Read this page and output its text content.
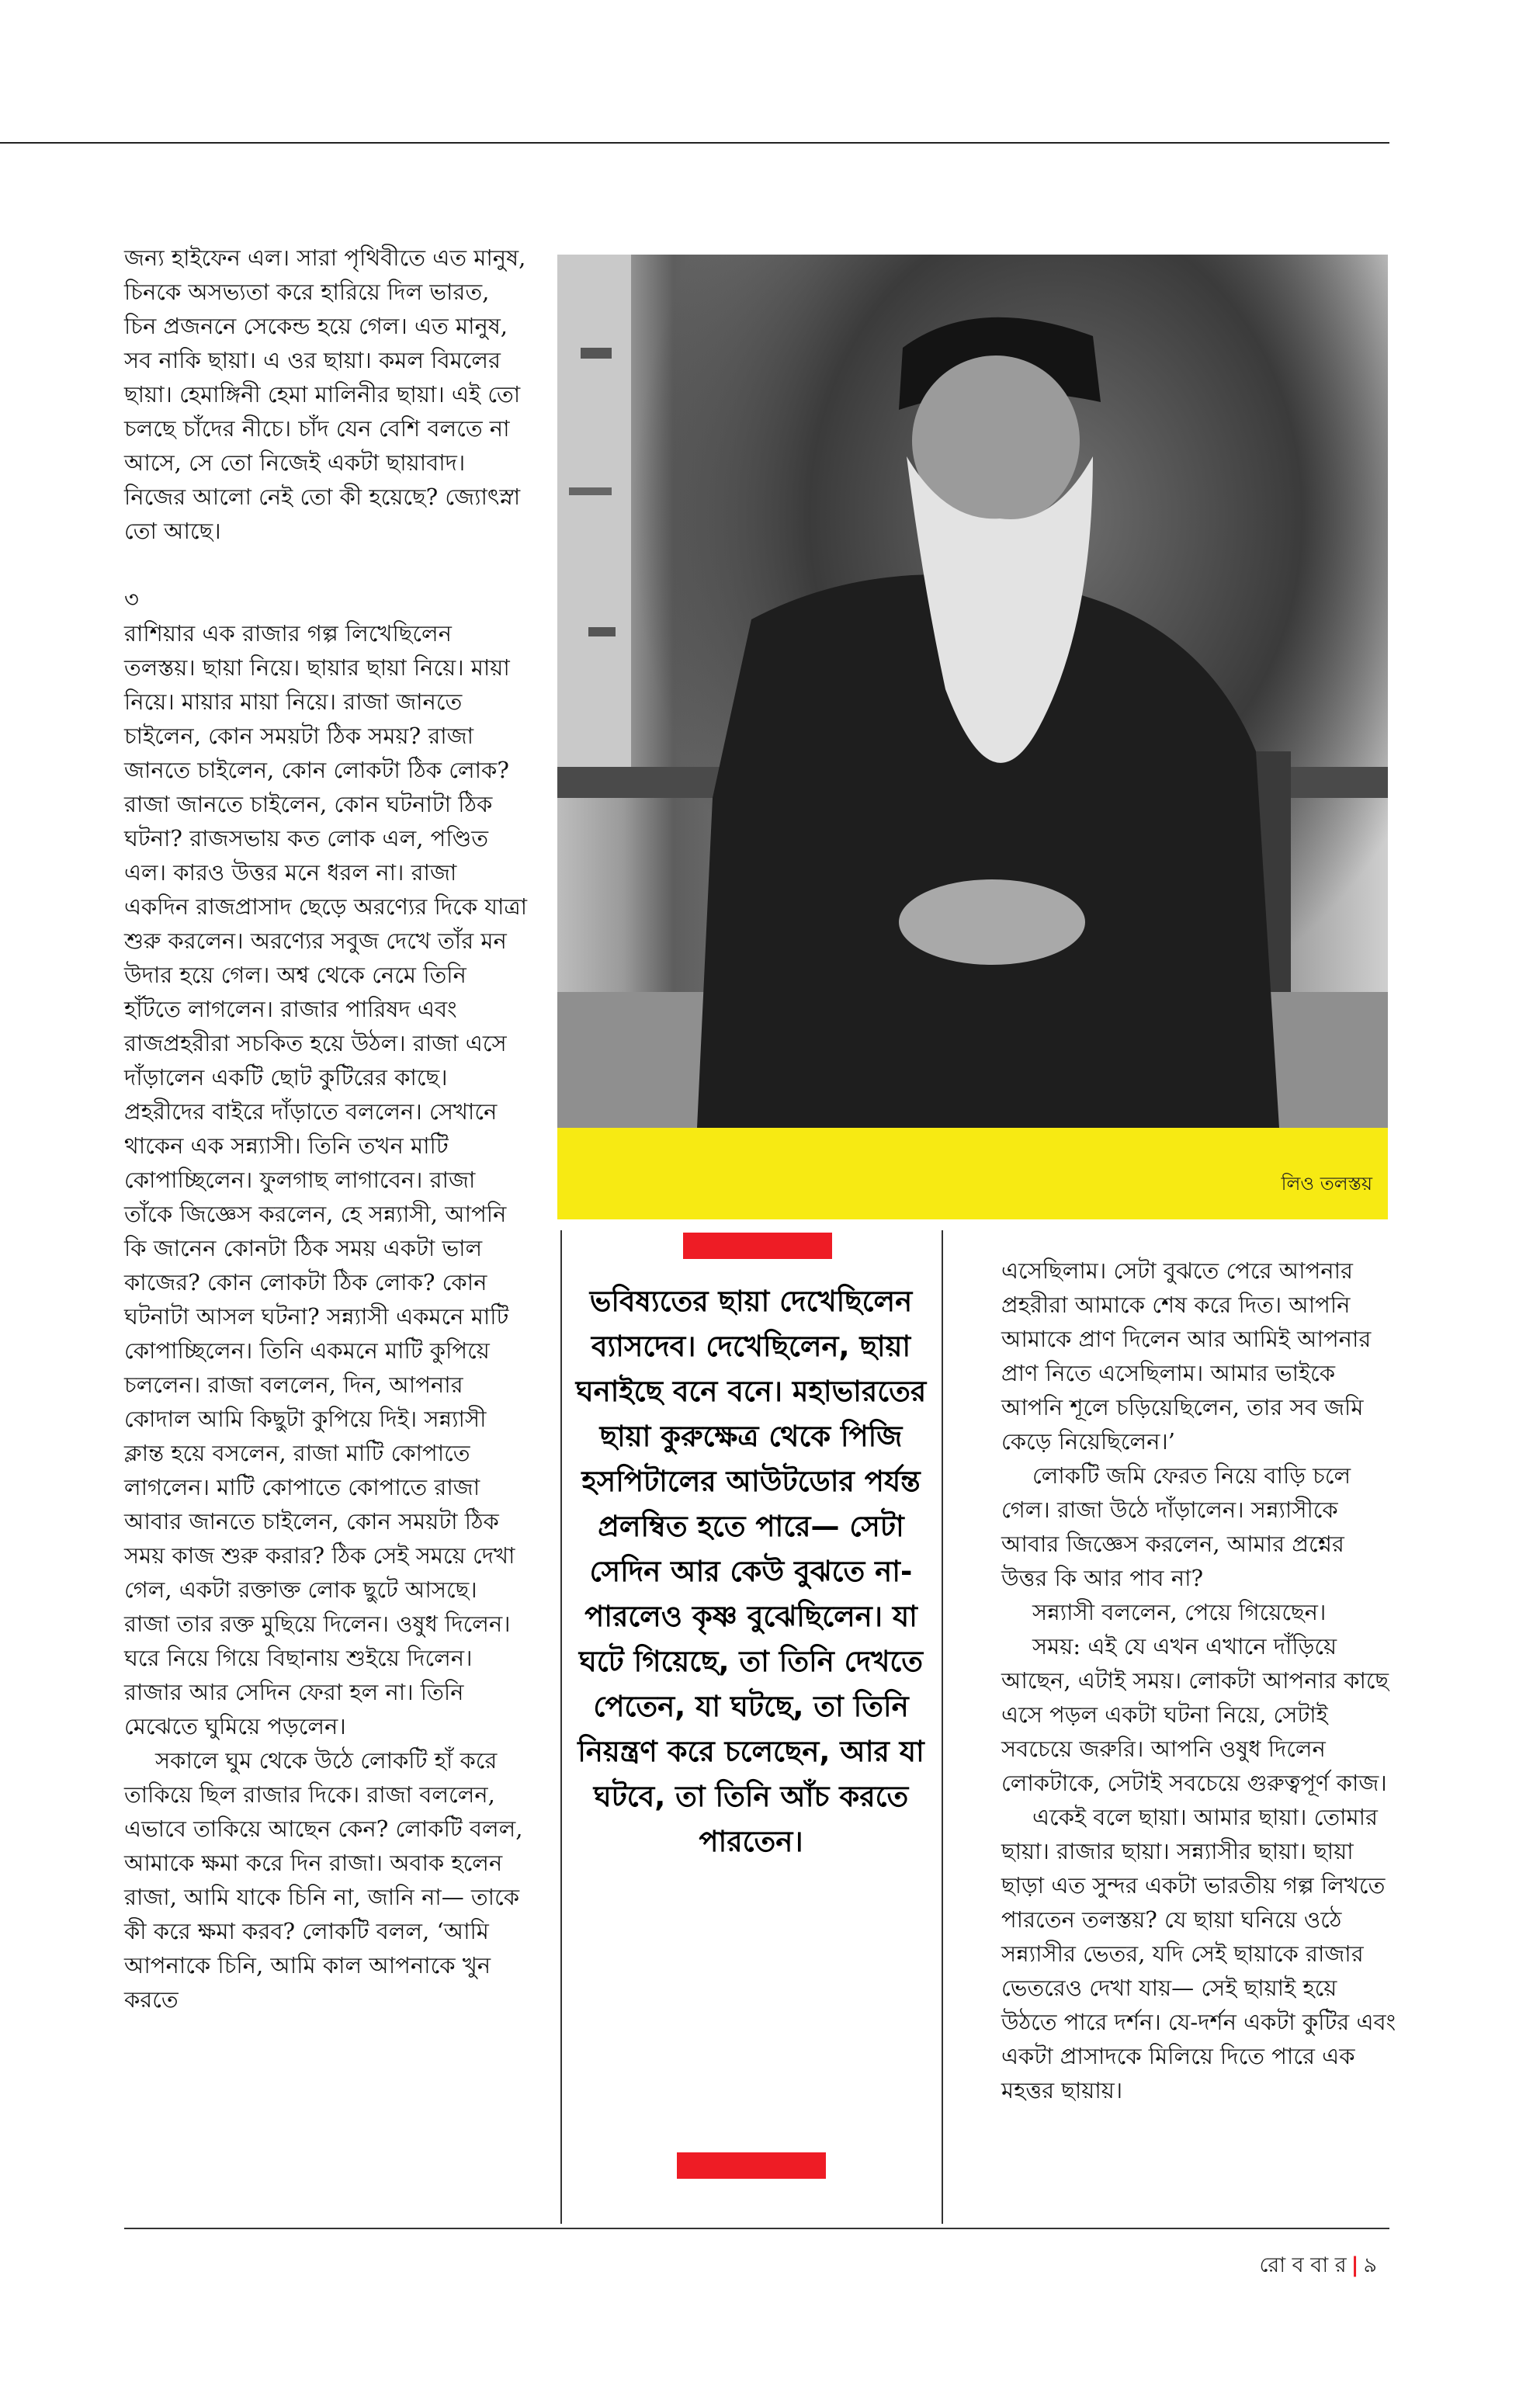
জন্য হাইফেন এল। সারা পৃথিবীতে এত মানুষ, চিনকে অসভ্যতা করে হারিয়ে দিল ভারত, চিন প্রজননে সেকেন্ড হয়ে গেল। এত মানুষ, সব নাকি ছায়া। এ ওর ছায়া। কমল বিমলের ছায়া। হেমাঙ্গিনী হেমা মালিনীর ছায়া। এই তো চলছে চাঁদের নীচে। চাঁদ যেন বেশি বলতে না আসে, সে তো নিজেই একটা ছায়াবাদ। নিজের আলো নেই তো কী হয়েছে? জ্যোৎস্না তো আছে।

৩

রাশিয়ার এক রাজার গল্প লিখেছিলেন তলস্তয়। ছায়া নিয়ে। ছায়ার ছায়া নিয়ে। মায়া নিয়ে। মায়ার মায়া নিয়ে। রাজা জানতে চাইলেন, কোন সময়টা ঠিক সময়? রাজা জানতে চাইলেন, কোন লোকটা ঠিক লোক? রাজা জানতে চাইলেন, কোন ঘটনাটা ঠিক ঘটনা? রাজসভায় কত লোক এল, পণ্ডিত এল। কারও উত্তর মনে ধরল না। রাজা একদিন রাজপ্রাসাদ ছেড়ে অরণ্যের দিকে যাত্রা শুরু করলেন। অরণ্যের সবুজ দেখে তাঁর মন উদার হয়ে গেল। অশ্ব থেকে নেমে তিনি হাঁটতে লাগলেন। রাজার পারিষদ এবং রাজপ্রহরীরা সচকিত হয়ে উঠল। রাজা এসে দাঁড়ালেন একটি ছোট কুটিরের কাছে। প্রহরীদের বাইরে দাঁড়াতে বললেন। সেখানে থাকেন এক সন্ন্যাসী। তিনি তখন মাটি কোপাচ্ছিলেন। ফুলগাছ লাগাবেন। রাজা তাঁকে জিজ্ঞেস করলেন, হে সন্ন্যাসী, আপনি কি জানেন কোনটা ঠিক সময় একটা ভাল কাজের? কোন লোকটা ঠিক লোক? কোন ঘটনাটা আসল ঘটনা? সন্ন্যাসী একমনে মাটি কোপাচ্ছিলেন। তিনি একমনে মাটি কুপিয়ে চললেন। রাজা বললেন, দিন, আপনার কোদাল আমি কিছুটা কুপিয়ে দিই। সন্ন্যাসী ক্লান্ত হয়ে বসলেন, রাজা মাটি কোপাতে লাগলেন। মাটি কোপাতে কোপাতে রাজা আবার জানতে চাইলেন, কোন সময়টা ঠিক সময় কাজ শুরু করার? ঠিক সেই সময়ে দেখা গেল, একটা রক্তাক্ত লোক ছুটে আসছে। রাজা তার রক্ত মুছিয়ে দিলেন। ওষুধ দিলেন। ঘরে নিয়ে গিয়ে বিছানায় শুইয়ে দিলেন। রাজার আর সেদিন ফেরা হল না। তিনি মেঝেতে ঘুমিয়ে পড়লেন।

সকালে ঘুম থেকে উঠে লোকটি হাঁ করে তাকিয়ে ছিল রাজার দিকে। রাজা বললেন, এভাবে তাকিয়ে আছেন কেন? লোকটি বলল, আমাকে ক্ষমা করে দিন রাজা। অবাক হলেন রাজা, আমি যাকে চিনি না, জানি না— তাকে কী করে ক্ষমা করব? লোকটি বলল, ‘আমি আপনাকে চিনি, আমি কাল আপনাকে খুন করতে

লিও তলস্তয়
ভবিষ্যতের ছায়া দেখেছিলেন ব্যাসদেব। দেখেছিলেন, ছায়া ঘনাইছে বনে বনে। মহাভারতের ছায়া কুরুক্ষেত্র থেকে পিজি হসপিটালের আউটডোর পর্যন্ত প্রলম্বিত হতে পারে— সেটা সেদিন আর কেউ বুঝতে না-পারলেও কৃষ্ণ বুঝেছিলেন। যা ঘটে গিয়েছে, তা তিনি দেখতে পেতেন, যা ঘটছে, তা তিনি নিয়ন্ত্রণ করে চলেছেন, আর যা ঘটবে, তা তিনি আঁচ করতে পারতেন।

এসেছিলাম। সেটা বুঝতে পেরে আপনার প্রহরীরা আমাকে শেষ করে দিত। আপনি আমাকে প্রাণ দিলেন আর আমিই আপনার প্রাণ নিতে এসেছিলাম। আমার ভাইকে আপনি শূলে চড়িয়েছিলেন, তার সব জমি কেড়ে নিয়েছিলেন।’

লোকটি জমি ফেরত নিয়ে বাড়ি চলে গেল। রাজা উঠে দাঁড়ালেন। সন্ন্যাসীকে আবার জিজ্ঞেস করলেন, আমার প্রশ্নের উত্তর কি আর পাব না?

সন্ন্যাসী বললেন, পেয়ে গিয়েছেন।

সময়: এই যে এখন এখানে দাঁড়িয়ে আছেন, এটাই সময়। লোকটা আপনার কাছে এসে পড়ল একটা ঘটনা নিয়ে, সেটাই সবচেয়ে জরুরি। আপনি ওষুধ দিলেন লোকটাকে, সেটাই সবচেয়ে গুরুত্বপূর্ণ কাজ।

একেই বলে ছায়া। আমার ছায়া। তোমার ছায়া। রাজার ছায়া। সন্ন্যাসীর ছায়া। ছায়া ছাড়া এত সুন্দর একটা ভারতীয় গল্প লিখতে পারতেন তলস্তয়? যে ছায়া ঘনিয়ে ওঠে সন্ন্যাসীর ভেতর, যদি সেই ছায়াকে রাজার ভেতরেও দেখা যায়— সেই ছায়াই হয়ে উঠতে পারে দর্শন। যে-দর্শন একটা কুটির এবং একটা প্রাসাদকে মিলিয়ে দিতে পারে এক মহত্তর ছায়ায়।

রো ব বা র | ৯
